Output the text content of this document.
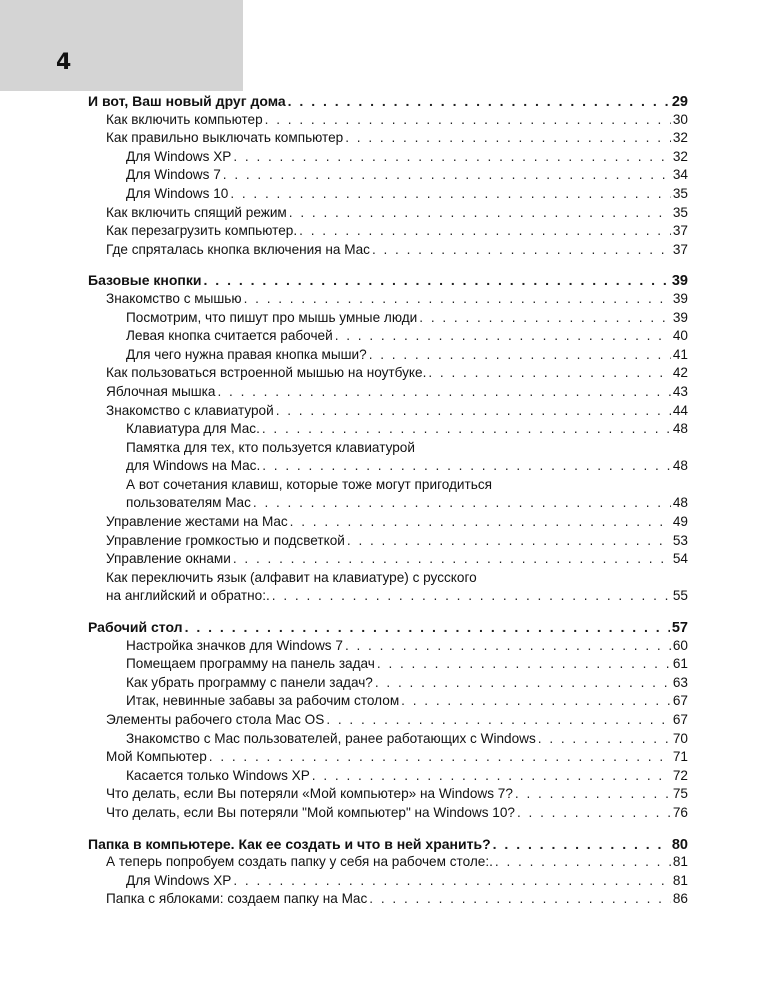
4
И вот, Ваш новый друг дома . . .	29
Как включить компьютер . . .	30
Как правильно выключать компьютер . . .	32
Для Windows XP . . .	32
Для Windows 7 . . .	34
Для Windows 10 . . .	35
Как включить спящий режим . . .	35
Как перезагрузить компьютер. . . .	37
Где спряталась кнопка включения на Mac . . .	37
Базовые кнопки . . .	39
Знакомство с мышью . . .	39
Посмотрим, что пишут про мышь умные люди . . .	39
Левая кнопка считается рабочей . . .	40
Для чего нужна правая кнопка мыши? . . .	41
Как пользоваться встроенной мышью на ноутбуке. . . .	42
Яблочная мышка . . .	43
Знакомство с клавиатурой . . .	44
Клавиатура для Mac. . . .	48
Памятка для тех, кто пользуется клавиатурой
для Windows на Mac. . . .	48
А вот сочетания клавиш, которые тоже могут пригодиться
пользователям Mac . . .	48
Управление жестами на Mac . . .	49
Управление громкостью и подсветкой . . .	53
Управление окнами . . .	54
Как переключить язык (алфавит на клавиатуре) с русского
на английский и обратно:. . . .	55
Рабочий стол . . .	57
Настройка значков для Windows 7 . . .	60
Помещаем программу на панель задач . . .	61
Как убрать программу с панели задач? . . .	63
Итак, невинные забавы за рабочим столом . . .	67
Элементы рабочего стола Mac OS . . .	67
Знакомство с Mac пользователей, ранее работающих с Windows . . .	70
Мой Компьютер . . .	71
Касается только Windows XP . . .	72
Что делать, если Вы потеряли «Мой компьютер» на Windows 7? . . .	75
Что делать, если Вы потеряли "Мой компьютер" на Windows 10? . . .	76
Папка в компьютере. Как ее создать и что в ней хранить? . . .	80
А теперь попробуем создать папку у себя на рабочем столе:. . . .	81
Для Windows XP . . .	81
Папка с яблоками: создаем папку на Mac . . .	86
